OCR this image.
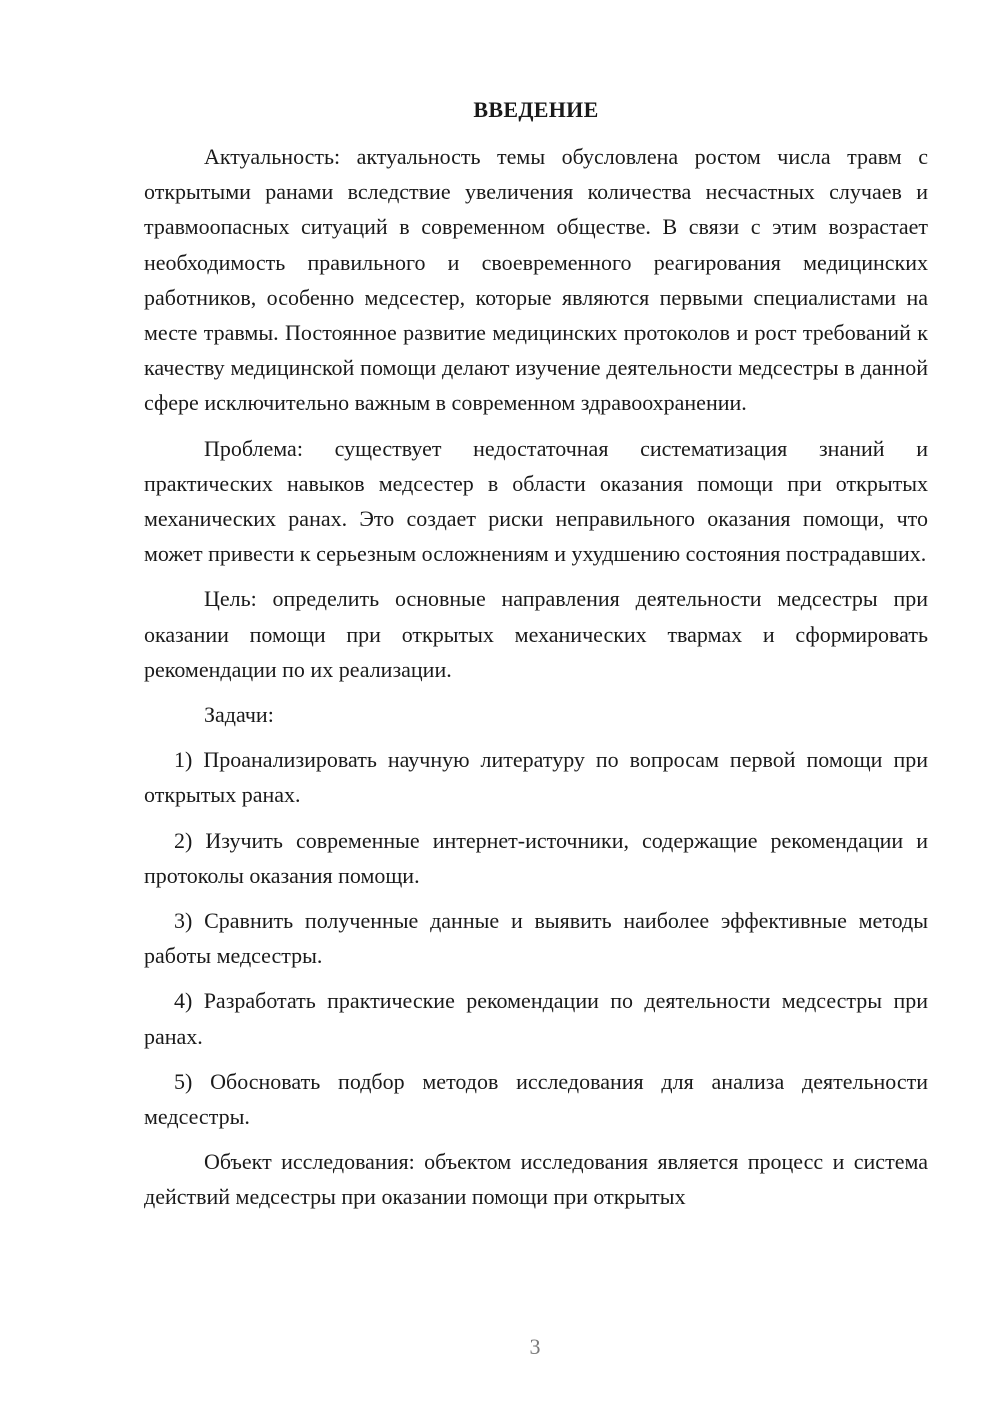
ВВЕДЕНИЕ

Актуальность: актуальность темы обусловлена ростом числа травм с открытыми ранами вследствие увеличения количества несчастных случаев и травмоопасных ситуаций в современном обществе. В связи с этим возрастает необходимость правильного и своевременного реагирования медицинских работников, особенно медсестер, которые являются первыми специалистами на месте травмы. Постоянное развитие медицинских протоколов и рост требований к качеству медицинской помощи делают изучение деятельности медсестры в данной сфере исключительно важным в современном здравоохранении.

Проблема: существует недостаточная систематизация знаний и практических навыков медсестер в области оказания помощи при открытых механических ранах. Это создает риски неправильного оказания помощи, что может привести к серьезным осложнениям и ухудшению состояния пострадавших.

Цель: определить основные направления деятельности медсестры при оказании помощи при открытых механических твармах и сформировать рекомендации по их реализации.

Задачи:

1) Проанализировать научную литературу по вопросам первой помощи при открытых ранах.

2) Изучить современные интернет-источники, содержащие рекомендации и протоколы оказания помощи.

3) Сравнить полученные данные и выявить наиболее эффективные методы работы медсестры.

4) Разработать практические рекомендации по деятельности медсестры при ранах.

5) Обосновать подбор методов исследования для анализа деятельности медсестры.

Объект исследования: объектом исследования является процесс и система действий медсестры при оказании помощи при открытых

3
